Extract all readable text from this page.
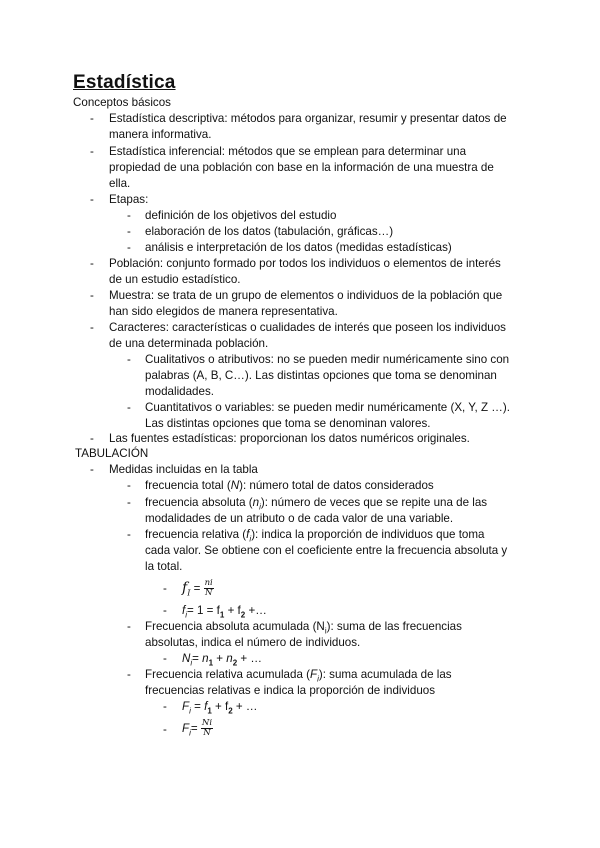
Estadística
Conceptos básicos
- Estadística descriptiva: métodos para organizar, resumir y presentar datos de
manera informativa.
- Estadística inferencial: métodos que se emplean para determinar una
propiedad de una población con base en la información de una muestra de
ella.
- Etapas:
- definición de los objetivos del estudio
- elaboración de los datos (tabulación, gráficas…)
- análisis e interpretación de los datos (medidas estadísticas)
- Población: conjunto formado por todos los individuos o elementos de interés
de un estudio estadístico.
- Muestra: se trata de un grupo de elementos o individuos de la población que
han sido elegidos de manera representativa.
- Caracteres: características o cualidades de interés que poseen los individuos
de una determinada población.
- Cualitativos o atributivos: no se pueden medir numéricamente sino con
palabras (A, B, C…). Las distintas opciones que toma se denominan
modalidades.
- Cuantitativos o variables: se pueden medir numéricamente (X, Y, Z …).
Las distintas opciones que toma se denominan valores.
- Las fuentes estadísticas: proporcionan los datos numéricos originales.
TABULACIÓN
- Medidas incluidas en la tabla
- frecuencia total (N): número total de datos considerados
- frecuencia absoluta $(n_i)$: número de veces que se repite una de las
modalidades de un atributo o de cada valor de una variable.
- frecuencia relativa $(f_i)$: indica la proporción de individuos que toma
cada valor. Se obtiene con el coeficiente entre la frecuencia absoluta y
la total.
- $f_I = \frac{ni}{N}$
- $f_i= 1 = f_1 + f_2$ +…
- Frecuencia absoluta acumulada $(N_i)$: suma de las frecuencias
absolutas, indica el número de individuos.
- $N_i= n_1 + n_2$ + …
- Frecuencia relativa acumulada $(F_i)$: suma acumulada de las
frecuencias relativas e indica la proporción de individuos
- $F_i = f_1 + f_2$ + …
- $F_i= \frac{Ni}{N}$
